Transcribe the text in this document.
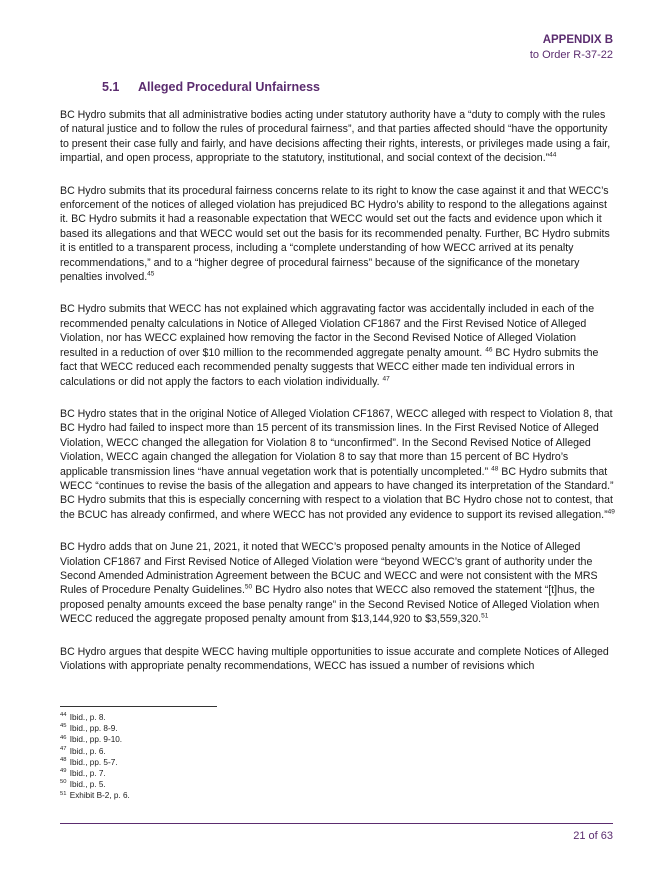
APPENDIX B
to Order R-37-22
5.1 Alleged Procedural Unfairness

BC Hydro submits that all administrative bodies acting under statutory authority have a “duty to comply with the rules of natural justice and to follow the rules of procedural fairness”, and that parties affected should “have the opportunity to present their case fully and fairly, and have decisions affecting their rights, interests, or privileges made using a fair, impartial, and open process, appropriate to the statutory, institutional, and social context of the decision.”$^{44}$

BC Hydro submits that its procedural fairness concerns relate to its right to know the case against it and that WECC’s enforcement of the notices of alleged violation has prejudiced BC Hydro’s ability to respond to the allegations against it. BC Hydro submits it had a reasonable expectation that WECC would set out the facts and evidence upon which it based its allegations and that WECC would set out the basis for its recommended penalty. Further, BC Hydro submits it is entitled to a transparent process, including a “complete understanding of how WECC arrived at its penalty recommendations,” and to a “higher degree of procedural fairness” because of the significance of the monetary penalties involved.$^{45}$

BC Hydro submits that WECC has not explained which aggravating factor was accidentally included in each of the recommended penalty calculations in Notice of Alleged Violation CF1867 and the First Revised Notice of Alleged Violation, nor has WECC explained how removing the factor in the Second Revised Notice of Alleged Violation resulted in a reduction of over $10 million to the recommended aggregate penalty amount. $^{46}$ BC Hydro submits the fact that WECC reduced each recommended penalty suggests that WECC either made ten individual errors in calculations or did not apply the factors to each violation individually. $^{47}$

BC Hydro states that in the original Notice of Alleged Violation CF1867, WECC alleged with respect to Violation 8, that BC Hydro had failed to inspect more than 15 percent of its transmission lines. In the First Revised Notice of Alleged Violation, WECC changed the allegation for Violation 8 to “unconfirmed”. In the Second Revised Notice of Alleged Violation, WECC again changed the allegation for Violation 8 to say that more than 15 percent of BC Hydro’s applicable transmission lines “have annual vegetation work that is potentially uncompleted.” $^{48}$ BC Hydro submits that WECC “continues to revise the basis of the allegation and appears to have changed its interpretation of the Standard.” BC Hydro submits that this is especially concerning with respect to a violation that BC Hydro chose not to contest, that the BCUC has already confirmed, and where WECC has not provided any evidence to support its revised allegation.”$^{49}$

BC Hydro adds that on June 21, 2021, it noted that WECC’s proposed penalty amounts in the Notice of Alleged Violation CF1867 and First Revised Notice of Alleged Violation were “beyond WECC’s grant of authority under the Second Amended Administration Agreement between the BCUC and WECC and were not consistent with the MRS Rules of Procedure Penalty Guidelines.$^{50}$ BC Hydro also notes that WECC also removed the statement “[t]hus, the proposed penalty amounts exceed the base penalty range” in the Second Revised Notice of Alleged Violation when WECC reduced the aggregate proposed penalty amount from $13,144,920 to $3,559,320.51

BC Hydro argues that despite WECC having multiple opportunities to issue accurate and complete Notices of Alleged Violations with appropriate penalty recommendations, WECC has issued a number of revisions which

$^{44}$ Ibid., p. 8.
$^{45}$ Ibid., pp. 8-9.
$^{46}$ Ibid., pp. 9-10.
$^{47}$ Ibid., p. 6.
$^{48}$ Ibid., pp. 5-7.
$^{49}$ Ibid., p. 7.
$^{50}$ Ibid., p. 5.
$^{51}$ Exhibit B-2, p. 6.
21 of 63
